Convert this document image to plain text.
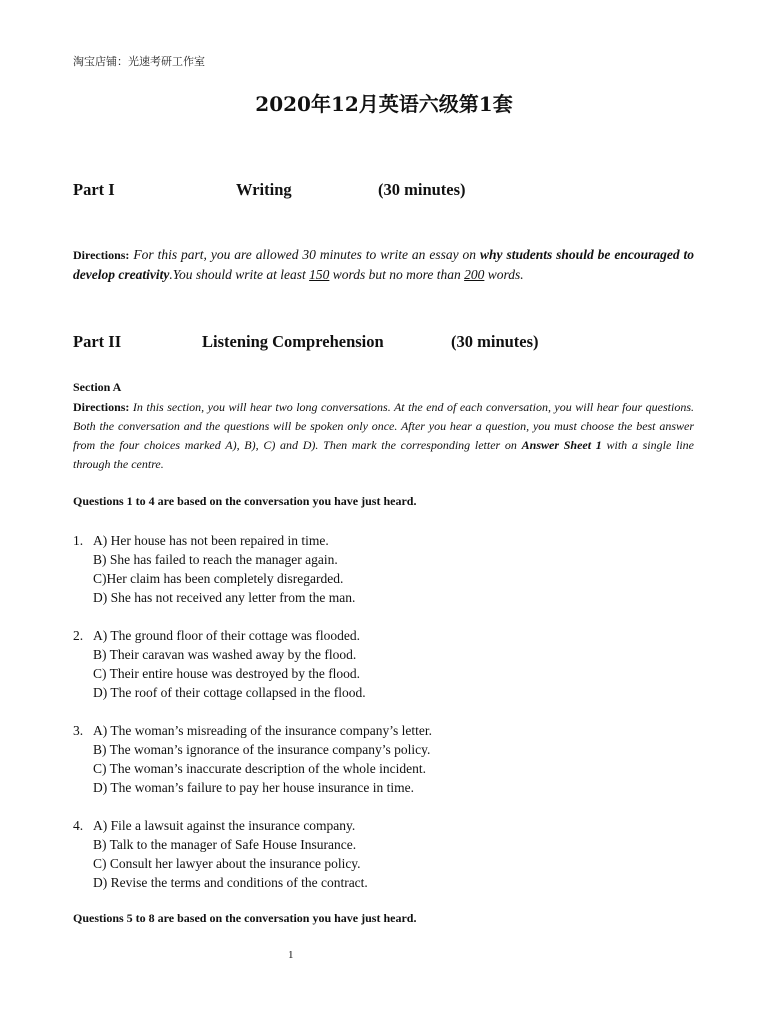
淘宝店铺：光速考研工作室
2020年12月英语六级第1套
Part I	Writing	(30 minutes)
Directions: For this part, you are allowed 30 minutes to write an essay on why students should be encouraged to develop creativity.You should write at least 150 words but no more than 200 words.
Part II	Listening Comprehension	(30 minutes)
Section A
Directions: In this section, you will hear two long conversations. At the end of each conversation, you will hear four questions. Both the conversation and the questions will be spoken only once. After you hear a question, you must choose the best answer from the four choices marked A), B), C) and D). Then mark the corresponding letter on Answer Sheet 1 with a single line through the centre.
Questions 1 to 4 are based on the conversation you have just heard.
1. A) Her house has not been repaired in time.
B) She has failed to reach the manager again.
C)Her claim has been completely disregarded.
D) She has not received any letter from the man.
2. A) The ground floor of their cottage was flooded.
B) Their caravan was washed away by the flood.
C) Their entire house was destroyed by the flood.
D) The roof of their cottage collapsed in the flood.
3. A) The woman’s misreading of the insurance company’s letter.
B) The woman’s ignorance of the insurance company’s policy.
C) The woman’s inaccurate description of the whole incident.
D) The woman’s failure to pay her house insurance in time.
4. A) File a lawsuit against the insurance company.
B) Talk to the manager of Safe House Insurance.
C) Consult her lawyer about the insurance policy.
D) Revise the terms and conditions of the contract.
Questions 5 to 8 are based on the conversation you have just heard.
1
